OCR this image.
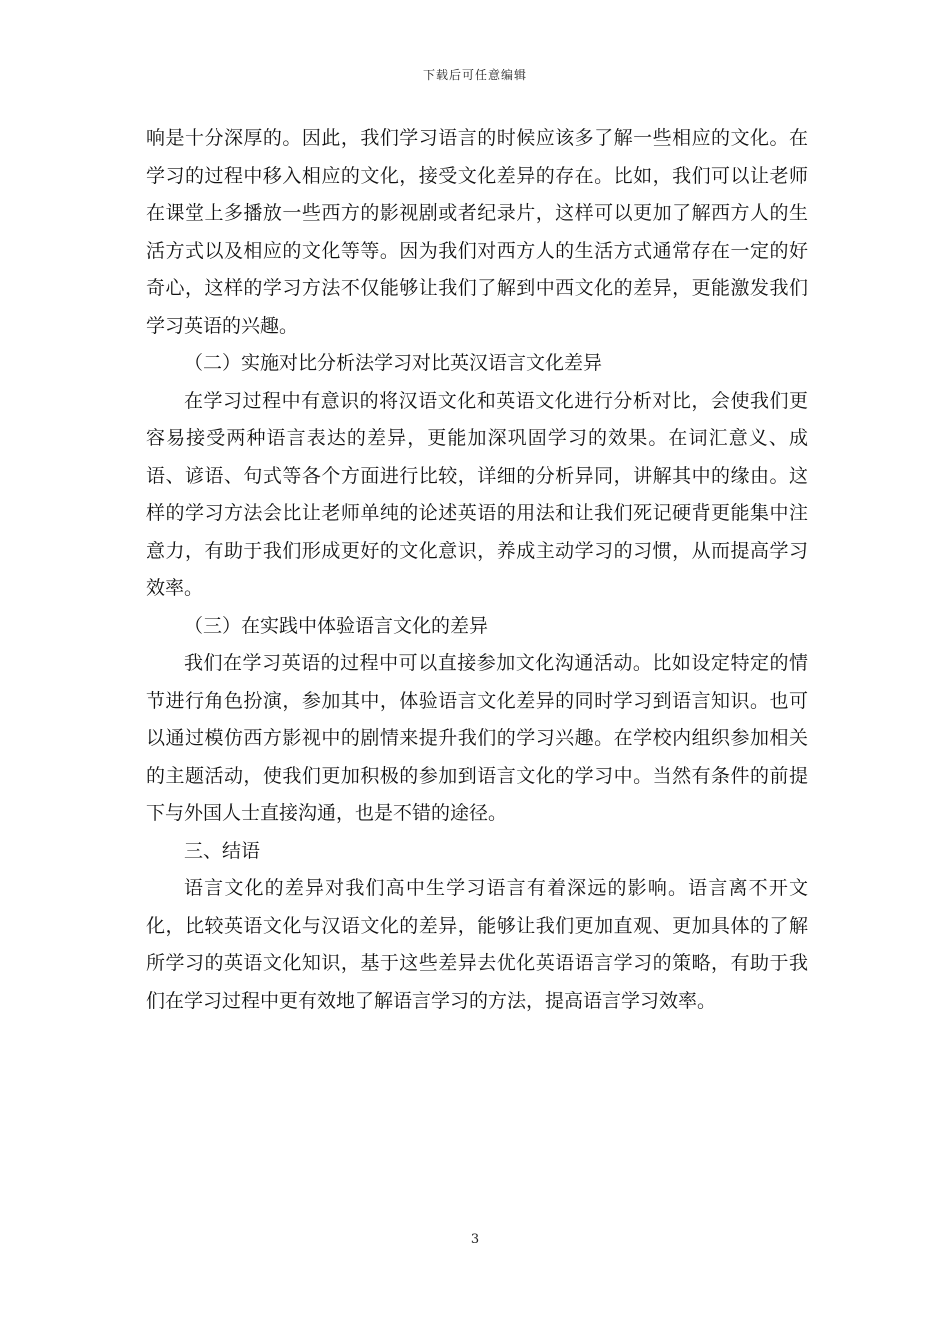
下载后可任意编辑

响是十分深厚的。因此，我们学习语言的时候应该多了解一些相应的文化。在学习的过程中移入相应的文化，接受文化差异的存在。比如，我们可以让老师在课堂上多播放一些西方的影视剧或者纪录片，这样可以更加了解西方人的生活方式以及相应的文化等等。因为我们对西方人的生活方式通常存在一定的好奇心，这样的学习方法不仅能够让我们了解到中西文化的差异，更能激发我们学习英语的兴趣。

（二）实施对比分析法学习对比英汉语言文化差异

在学习过程中有意识的将汉语文化和英语文化进行分析对比，会使我们更容易接受两种语言表达的差异，更能加深巩固学习的效果。在词汇意义、成语、谚语、句式等各个方面进行比较，详细的分析异同，讲解其中的缘由。这样的学习方法会比让老师单纯的论述英语的用法和让我们死记硬背更能集中注意力，有助于我们形成更好的文化意识，养成主动学习的习惯，从而提高学习效率。

（三）在实践中体验语言文化的差异

我们在学习英语的过程中可以直接参加文化沟通活动。比如设定特定的情节进行角色扮演，参加其中，体验语言文化差异的同时学习到语言知识。也可以通过模仿西方影视中的剧情来提升我们的学习兴趣。在学校内组织参加相关的主题活动，使我们更加积极的参加到语言文化的学习中。当然有条件的前提下与外国人士直接沟通，也是不错的途径。

三、结语

语言文化的差异对我们高中生学习语言有着深远的影响。语言离不开文化，比较英语文化与汉语文化的差异，能够让我们更加直观、更加具体的了解所学习的英语文化知识，基于这些差异去优化英语语言学习的策略，有助于我们在学习过程中更有效地了解语言学习的方法，提高语言学习效率。

3
